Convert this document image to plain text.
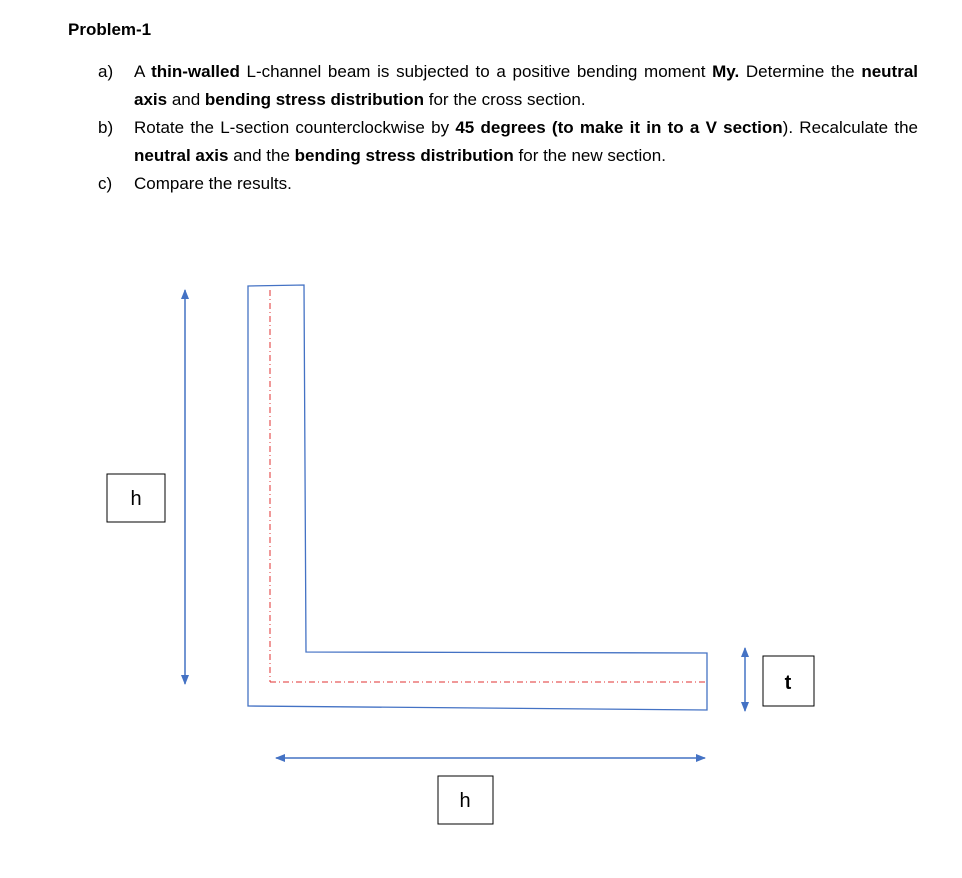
Problem-1
a) A thin-walled L-channel beam is subjected to a positive bending moment My. Determine the neutral axis and bending stress distribution for the cross section.
b) Rotate the L-section counterclockwise by 45 degrees (to make it in to a V section). Recalculate the neutral axis and the bending stress distribution for the new section.
c) Compare the results.
h
h
t
